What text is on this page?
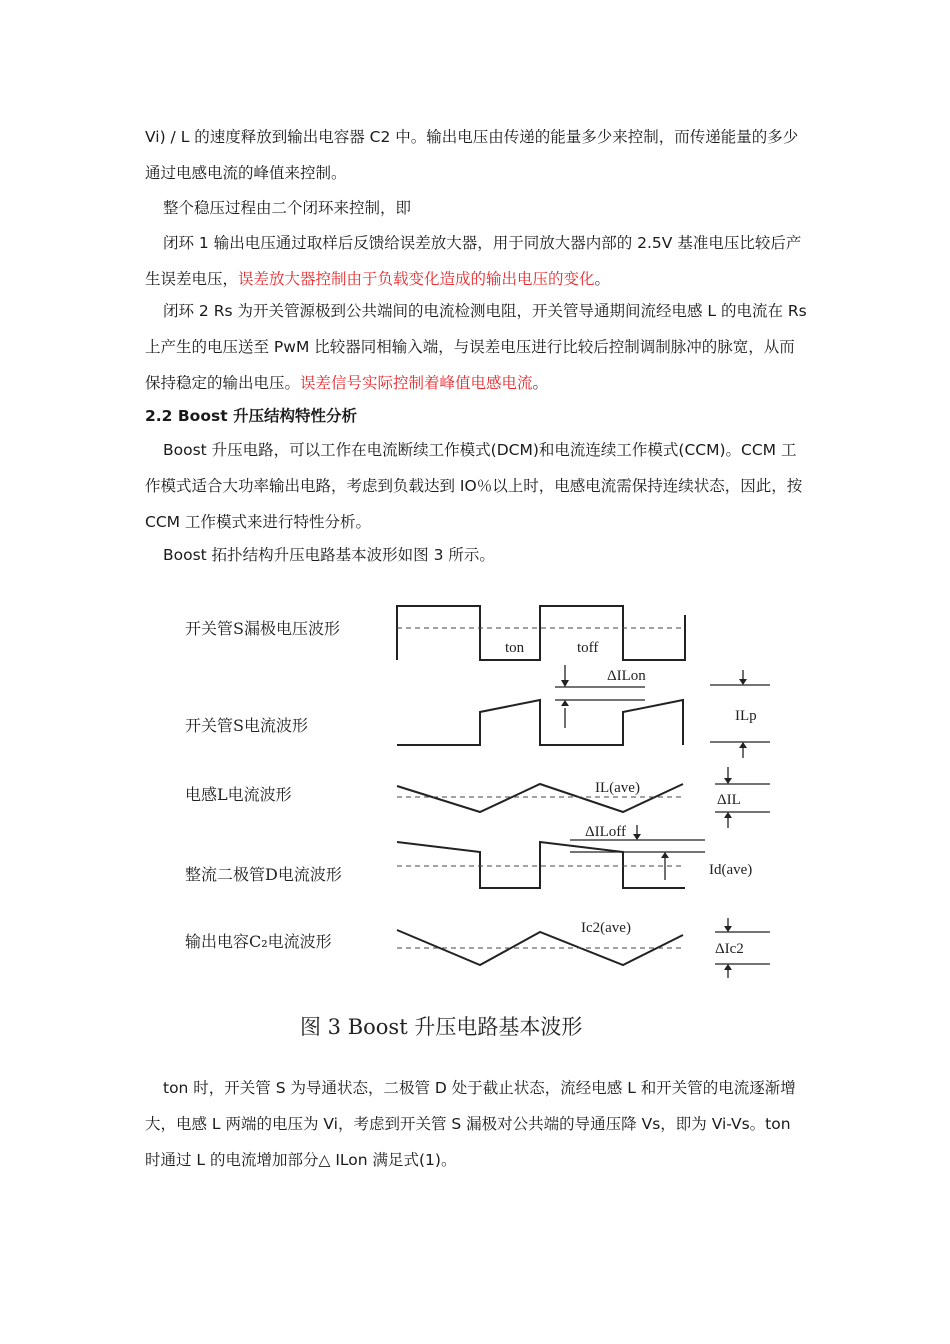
Vi) / L 的速度释放到输出电容器 C2 中。输出电压由传递的能量多少来控制，而传递能量的多少通过电感电流的峰值来控制。

整个稳压过程由二个闭环来控制，即

闭环 1 输出电压通过取样后反馈给误差放大器，用于同放大器内部的 2.5V 基准电压比较后产生误差电压，误差放大器控制由于负载变化造成的输出电压的变化。

闭环 2 Rs 为开关管源极到公共端间的电流检测电阻，开关管导通期间流经电感 L 的电流在 Rs 上产生的电压送至 PwM 比较器同相输入端，与误差电压进行比较后控制调制脉冲的脉宽，从而保持稳定的输出电压。误差信号实际控制着峰值电感电流。

2.2 Boost 升压结构特性分析

Boost 升压电路，可以工作在电流断续工作模式(DCM)和电流连续工作模式(CCM)。CCM 工作模式适合大功率输出电路，考虑到负载达到 IO％以上时，电感电流需保持连续状态，因此，按 CCM 工作模式来进行特性分析。

Boost 拓扑结构升压电路基本波形如图 3 所示。

开关管S漏极电压波形
开关管S电流波形
电感L电流波形
整流二极管D电流波形
输出电容C₂电流波形
ton	toff
ΔILon
ILp
IL(ave)
ΔIL
ΔILoff
Id(ave)
Ic2(ave)
ΔIc2
图 3 Boost 升压电路基本波形

ton 时，开关管 S 为导通状态，二极管 D 处于截止状态，流经电感 L 和开关管的电流逐渐增大，电感 L 两端的电压为 Vi，考虑到开关管 S 漏极对公共端的导通压降 Vs，即为 Vi-Vs。ton 时通过 L 的电流增加部分△ ILon 满足式(1)。
